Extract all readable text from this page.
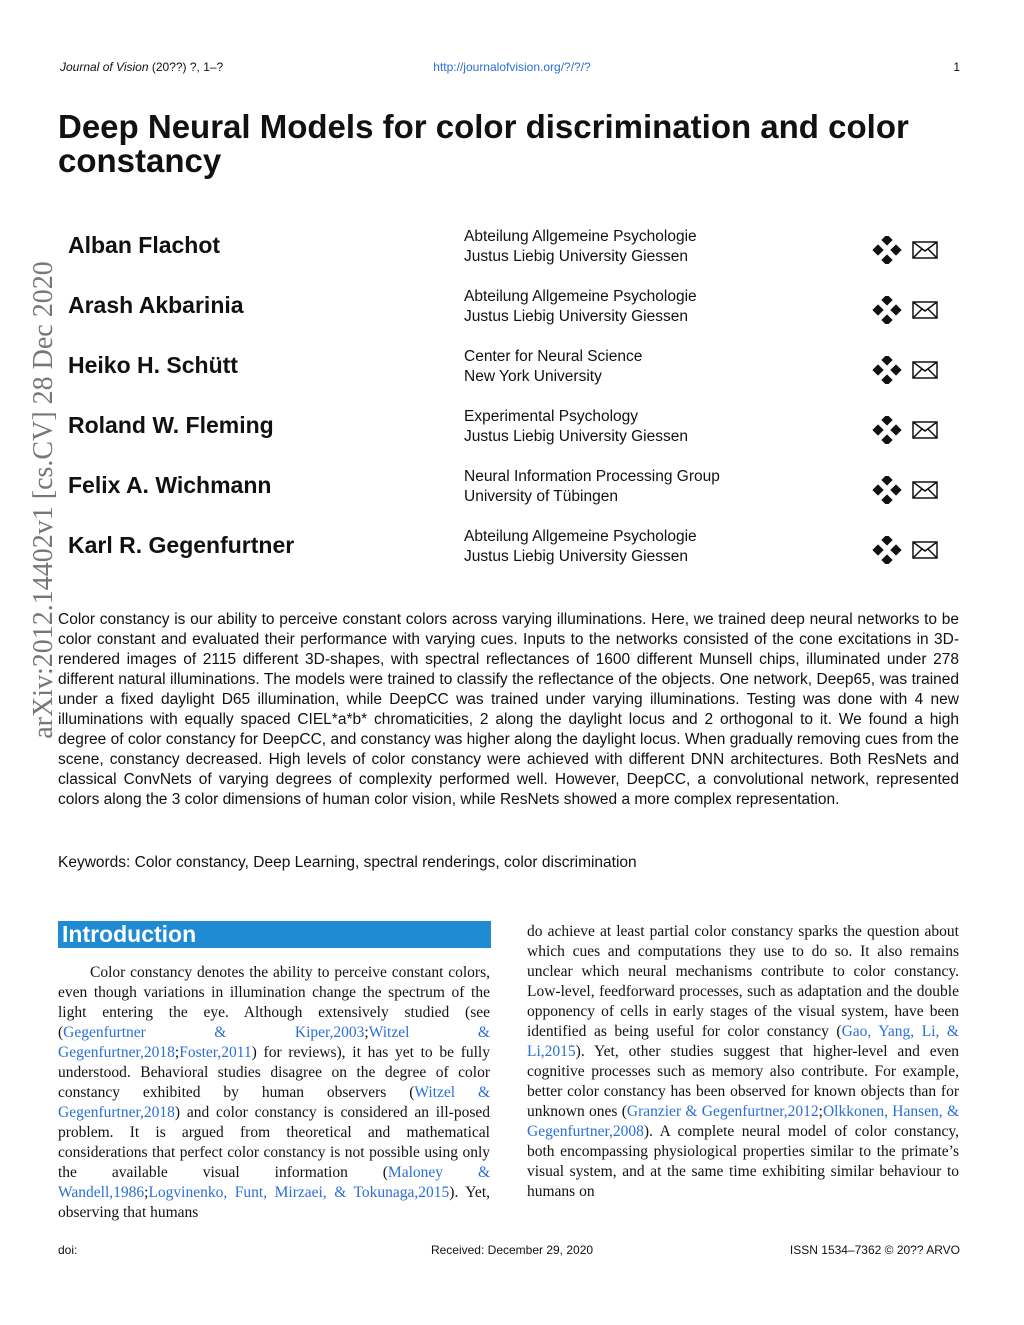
Journal of Vision (20??) ?, 1–?	http://journalofvision.org/?/?/?	1
Deep Neural Models for color discrimination and color constancy
arXiv:2012.14402v1 [cs.CV] 28 Dec 2020
Alban Flachot	Abteilung Allgemeine Psychologie
Justus Liebig University Giessen
Arash Akbarinia	Abteilung Allgemeine Psychologie
Justus Liebig University Giessen
Heiko H. Schütt	Center for Neural Science
New York University
Roland W. Fleming	Experimental Psychology
Justus Liebig University Giessen
Felix A. Wichmann	Neural Information Processing Group
University of Tübingen
Karl R. Gegenfurtner	Abteilung Allgemeine Psychologie
Justus Liebig University Giessen
Color constancy is our ability to perceive constant colors across varying illuminations. Here, we trained deep neural networks to be color constant and evaluated their performance with varying cues. Inputs to the networks consisted of the cone excitations in 3D-rendered images of 2115 different 3D-shapes, with spectral reflectances of 1600 different Munsell chips, illuminated under 278 different natural illuminations. The models were trained to classify the reflectance of the objects. One network, Deep65, was trained under a fixed daylight D65 illumination, while DeepCC was trained under varying illuminations. Testing was done with 4 new illuminations with equally spaced CIEL*a*b* chromaticities, 2 along the daylight locus and 2 orthogonal to it. We found a high degree of color constancy for DeepCC, and constancy was higher along the daylight locus. When gradually removing cues from the scene, constancy decreased. High levels of color constancy were achieved with different DNN architectures. Both ResNets and classical ConvNets of varying degrees of complexity performed well. However, DeepCC, a convolutional network, represented colors along the 3 color dimensions of human color vision, while ResNets showed a more complex representation.
Keywords: Color constancy, Deep Learning, spectral renderings, color discrimination
Introduction
Color constancy denotes the ability to perceive constant colors, even though variations in illumination change the spectrum of the light entering the eye. Although extensively studied (see (Gegenfurtner & Kiper,2003;Witzel & Gegenfurtner,2018;Foster,2011) for reviews), it has yet to be fully understood. Behavioral studies disagree on the degree of color constancy exhibited by human observers (Witzel & Gegenfurtner,2018) and color constancy is considered an ill-posed problem. It is argued from theoretical and mathematical considerations that perfect color constancy is not possible using only the available visual information (Maloney & Wandell,1986;Logvinenko, Funt, Mirzaei, & Tokunaga,2015). Yet, observing that humans
do achieve at least partial color constancy sparks the question about which cues and computations they use to do so. It also remains unclear which neural mechanisms contribute to color constancy. Low-level, feedforward processes, such as adaptation and the double opponency of cells in early stages of the visual system, have been identified as being useful for color constancy (Gao, Yang, Li, & Li,2015). Yet, other studies suggest that higher-level and even cognitive processes such as memory also contribute. For example, better color constancy has been observed for known objects than for unknown ones (Granzier & Gegenfurtner,2012;Olkkonen, Hansen, & Gegenfurtner,2008). A complete neural model of color constancy, both encompassing physiological properties similar to the primate’s visual system, and at the same time exhibiting similar behaviour to humans on
doi:	Received: December 29, 2020	ISSN 1534–7362 © 20?? ARVO
